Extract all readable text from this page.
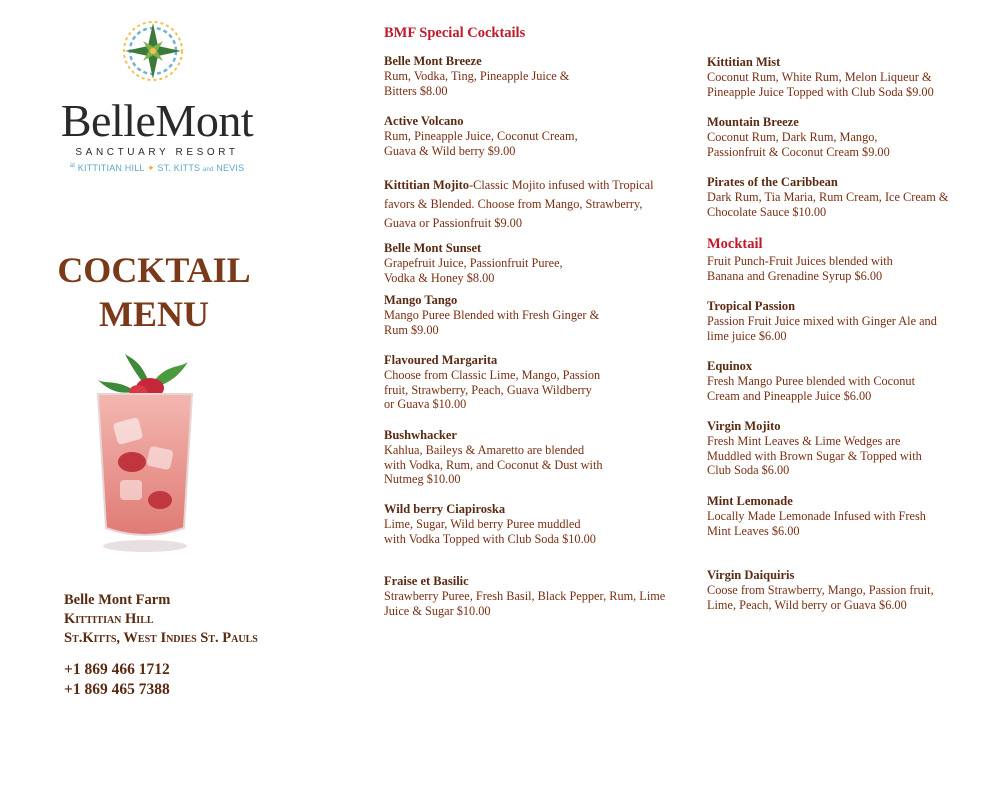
BelleMont
SANCTUARY RESORT
$^{at}$ KITTITIAN HILL ✦ ST. KITTS and NEVIS
COCKTAIL
MENU
Belle Mont Farm
Kittitian Hill
St.Kitts, West Indies St. Pauls
+1 869 466 1712
+1 869 465 7388
BMF Special Cocktails
Belle Mont Breeze
Rum, Vodka, Ting, Pineapple Juice & Bitters $8.00
Active Volcano
Rum, Pineapple Juice, Coconut Cream, Guava & Wild berry $9.00
Kittitian Mojito-Classic Mojito infused with Tropical favors & Blended. Choose from Mango, Strawberry, Guava or Passionfruit $9.00
Belle Mont Sunset
Grapefruit Juice, Passionfruit Puree, Vodka & Honey $8.00
Mango Tango
Mango Puree Blended with Fresh Ginger & Rum $9.00
Flavoured Margarita
Choose from Classic Lime, Mango, Passion fruit, Strawberry, Peach, Guava Wildberry or Guava $10.00
Bushwhacker
Kahlua, Baileys & Amaretto are blended with Vodka, Rum, and Coconut & Dust with Nutmeg $10.00
Wild berry Ciapiroska
Lime, Sugar, Wild berry Puree muddled with Vodka Topped with Club Soda $10.00
Fraise et Basilic
Strawberry Puree, Fresh Basil, Black Pepper, Rum, Lime Juice & Sugar $10.00
Kittitian Mist
Coconut Rum, White Rum, Melon Liqueur & Pineapple Juice Topped with Club Soda $9.00
Mountain Breeze
Coconut Rum, Dark Rum, Mango, Passionfruit & Coconut Cream $9.00
Pirates of the Caribbean
Dark Rum, Tia Maria, Rum Cream, Ice Cream & Chocolate Sauce $10.00
Mocktail
Fruit Punch-Fruit Juices blended with Banana and Grenadine Syrup $6.00
Tropical Passion
Passion Fruit Juice mixed with Ginger Ale and lime juice $6.00
Equinox
Fresh Mango Puree blended with Coconut Cream and Pineapple Juice $6.00
Virgin Mojito
Fresh Mint Leaves & Lime Wedges are Muddled with Brown Sugar & Topped with Club Soda $6.00
Mint Lemonade
Locally Made Lemonade Infused with Fresh Mint Leaves $6.00
Virgin Daiquiris
Coose from Strawberry, Mango, Passion fruit, Lime, Peach, Wild berry or Guava $6.00
